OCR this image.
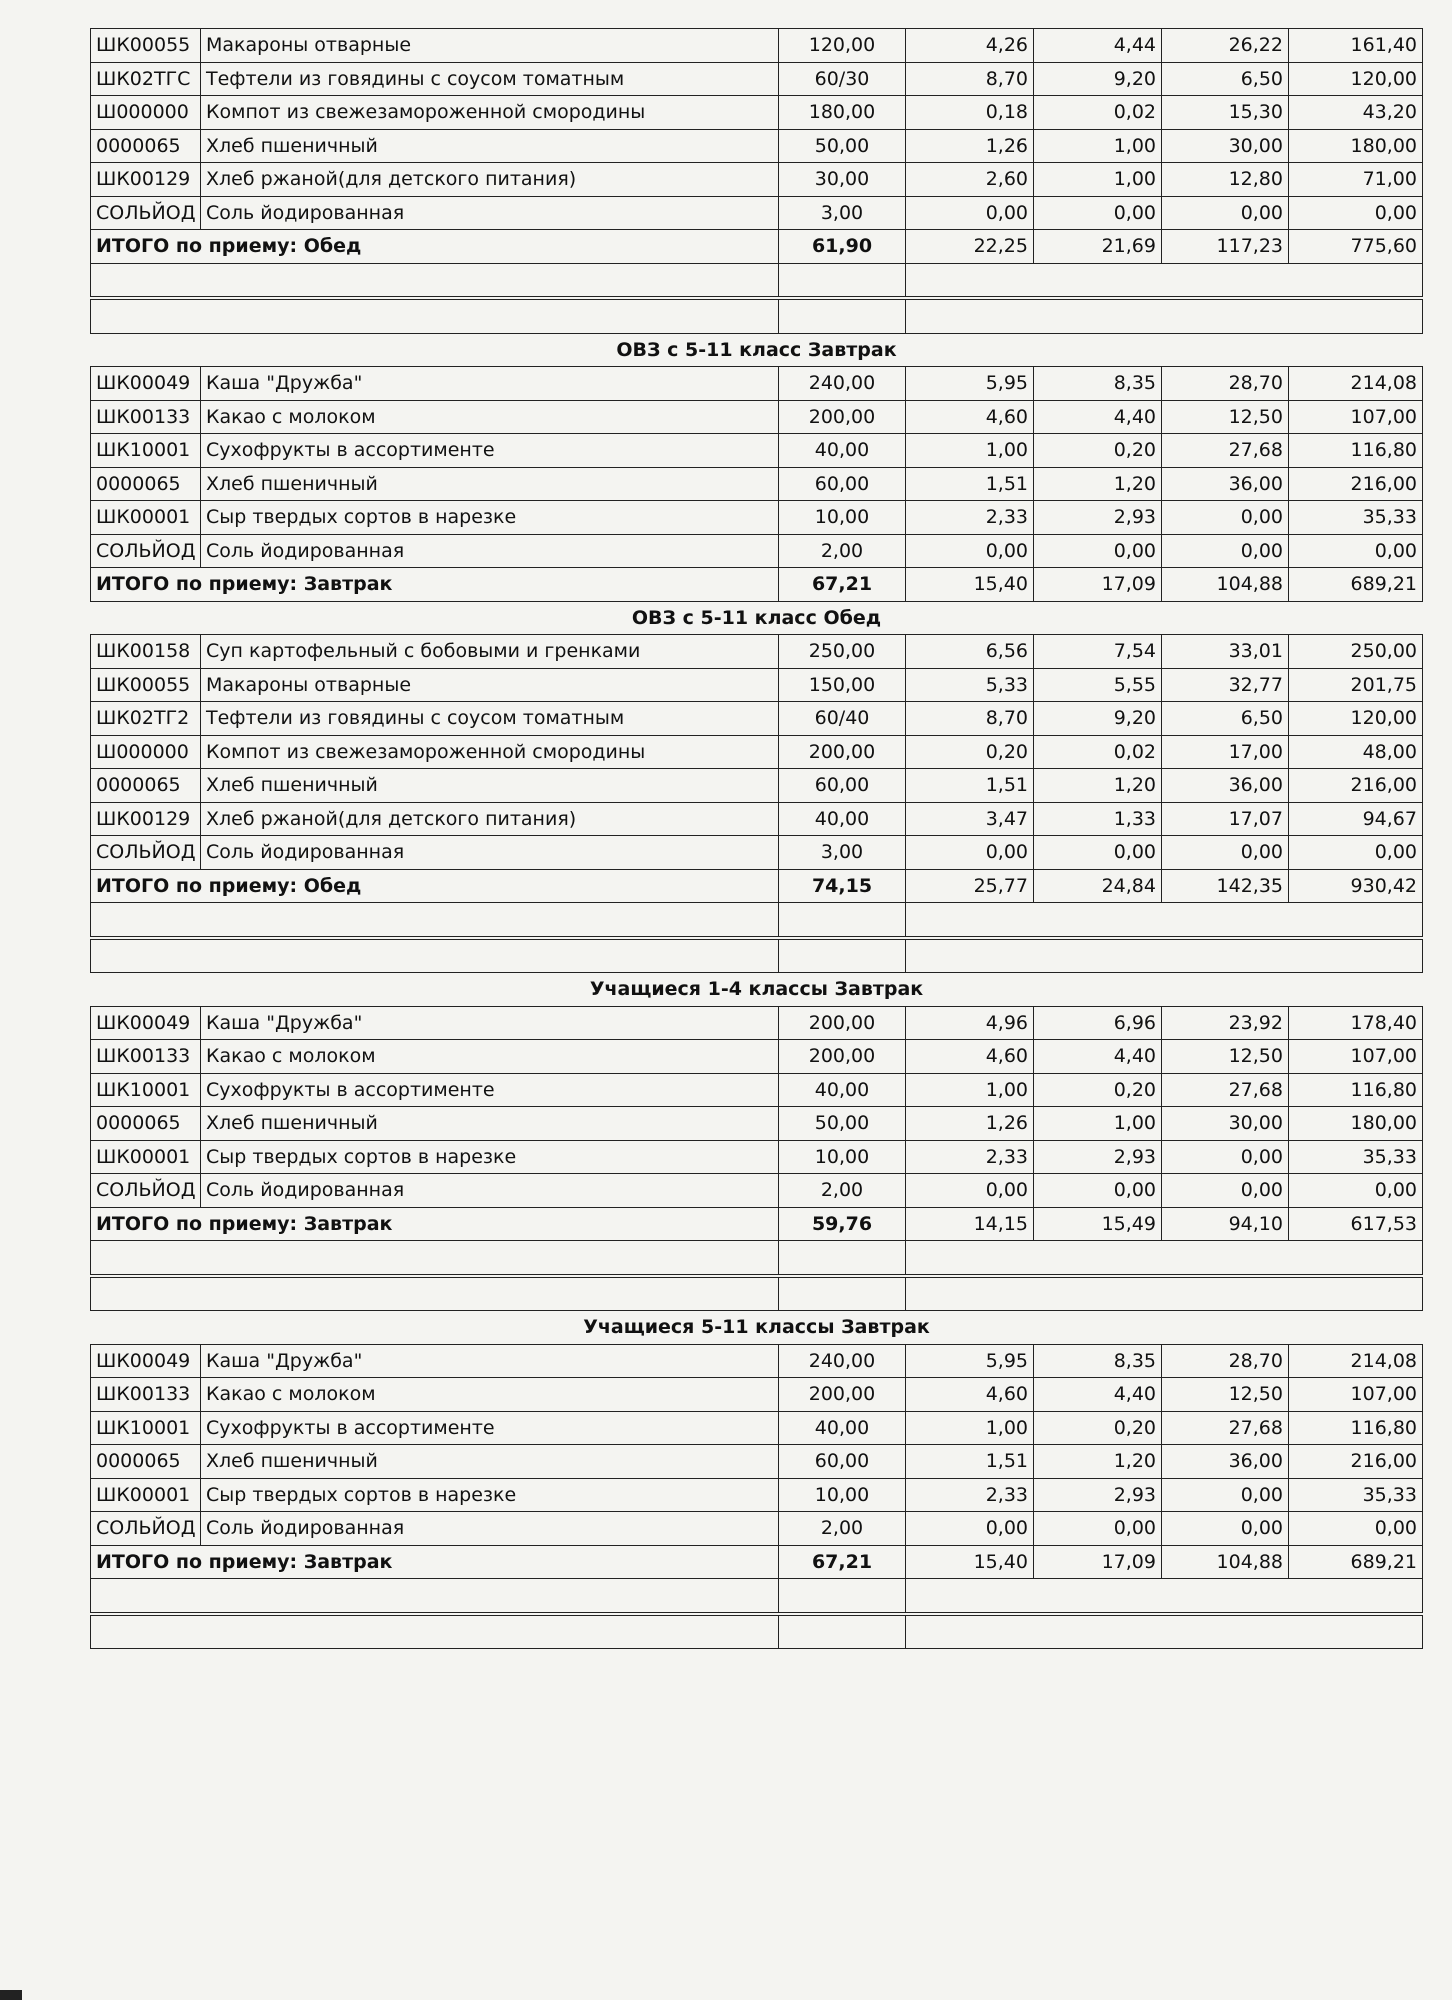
ШК00055	Макароны отварные	120,00	4,26	4,44	26,22	161,40
ШК02ТГС	Тефтели из говядины с соусом томатным	60/30	8,70	9,20	6,50	120,00
Ш000000	Компот из свежезамороженной смородины	180,00	0,18	0,02	15,30	43,20
0000065	Хлеб пшеничный	50,00	1,26	1,00	30,00	180,00
ШК00129	Хлеб ржаной(для детского питания)	30,00	2,60	1,00	12,80	71,00
СОЛЬЙОД	Соль йодированная	3,00	0,00	0,00	0,00	0,00
ИТОГО по приему: Обед		61,90	22,25	21,69	117,23	775,60

ОВЗ с 5-11 класс Завтрак						
ШК00049	Каша "Дружба"	240,00	5,95	8,35	28,70	214,08
ШК00133	Какао с молоком	200,00	4,60	4,40	12,50	107,00
ШК10001	Сухофрукты в ассортименте	40,00	1,00	0,20	27,68	116,80
0000065	Хлеб пшеничный	60,00	1,51	1,20	36,00	216,00
ШК00001	Сыр твердых сортов в нарезке	10,00	2,33	2,93	0,00	35,33
СОЛЬЙОД	Соль йодированная	2,00	0,00	0,00	0,00	0,00
ИТОГО по приему: Завтрак		67,21	15,40	17,09	104,88	689,21
ОВЗ с 5-11 класс Обед						
ШК00158	Суп картофельный с бобовыми и гренками	250,00	6,56	7,54	33,01	250,00
ШК00055	Макароны отварные	150,00	5,33	5,55	32,77	201,75
ШК02ТГ2	Тефтели из говядины с соусом томатным	60/40	8,70	9,20	6,50	120,00
Ш000000	Компот из свежезамороженной смородины	200,00	0,20	0,02	17,00	48,00
0000065	Хлеб пшеничный	60,00	1,51	1,20	36,00	216,00
ШК00129	Хлеб ржаной(для детского питания)	40,00	3,47	1,33	17,07	94,67
СОЛЬЙОД	Соль йодированная	3,00	0,00	0,00	0,00	0,00
ИТОГО по приему: Обед		74,15	25,77	24,84	142,35	930,42

Учащиеся 1-4 классы Завтрак						
ШК00049	Каша "Дружба"	200,00	4,96	6,96	23,92	178,40
ШК00133	Какао с молоком	200,00	4,60	4,40	12,50	107,00
ШК10001	Сухофрукты в ассортименте	40,00	1,00	0,20	27,68	116,80
0000065	Хлеб пшеничный	50,00	1,26	1,00	30,00	180,00
ШК00001	Сыр твердых сортов в нарезке	10,00	2,33	2,93	0,00	35,33
СОЛЬЙОД	Соль йодированная	2,00	0,00	0,00	0,00	0,00
ИТОГО по приему: Завтрак		59,76	14,15	15,49	94,10	617,53

Учащиеся 5-11 классы Завтрак						
ШК00049	Каша "Дружба"	240,00	5,95	8,35	28,70	214,08
ШК00133	Какао с молоком	200,00	4,60	4,40	12,50	107,00
ШК10001	Сухофрукты в ассортименте	40,00	1,00	0,20	27,68	116,80
0000065	Хлеб пшеничный	60,00	1,51	1,20	36,00	216,00
ШК00001	Сыр твердых сортов в нарезке	10,00	2,33	2,93	0,00	35,33
СОЛЬЙОД	Соль йодированная	2,00	0,00	0,00	0,00	0,00
ИТОГО по приему: Завтрак		67,21	15,40	17,09	104,88	689,21
